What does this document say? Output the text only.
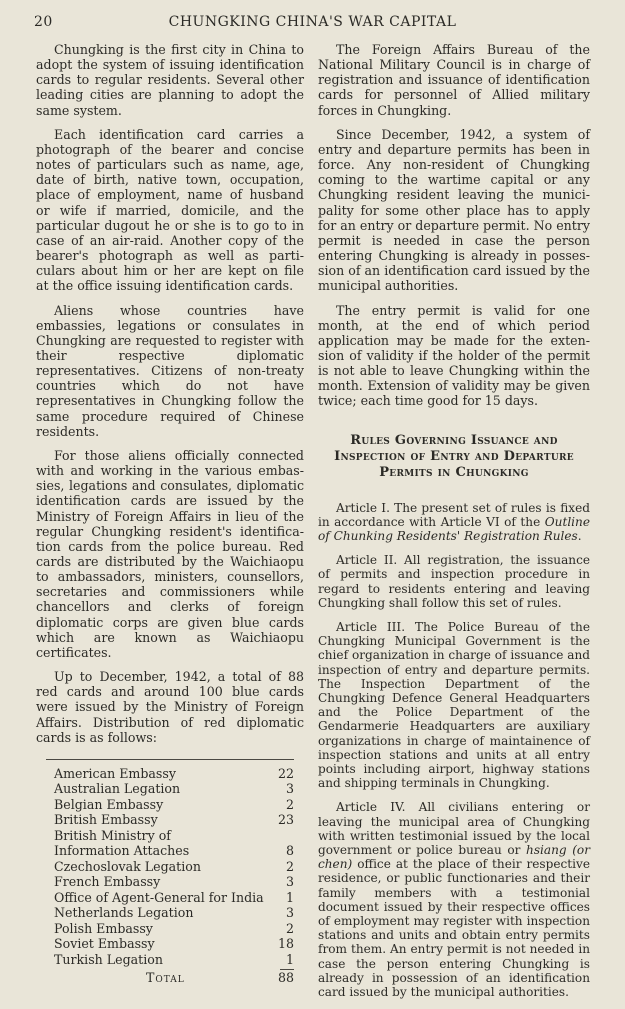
20	CHUNGKING CHINA'S WAR CAPITAL

Chungking is the first city in China to adopt the system of issuing identification cards to regular residents. Several other leading cities are planning to adopt the same system.

Each identification card carries a photograph of the bearer and concise notes of particulars such as name, age, date of birth, native town, occupation, place of employment, name of husband or wife if married, domicile, and the particular dugout he or she is to go to in case of an air-raid. Another copy of the bearer's photograph as well as particulars about him or her are kept on file at the office issuing identification cards.

Aliens whose countries have embassies, legations or consulates in Chungking are requested to register with their respective diplomatic representatives. Citizens of non-treaty countries which do not have representatives in Chungking follow the same procedure required of Chinese residents.

For those aliens officially connected with and working in the various embassies, legations and consulates, diplomatic identification cards are issued by the Ministry of Foreign Affairs in lieu of the regular Chungking resident's identification cards from the police bureau. Red cards are distributed by the Waichiaopu to ambassadors, ministers, counsellors, secretaries and commissioners while chancellors and clerks of foreign diplomatic corps are given blue cards which are known as Waichiaopu certificates.

Up to December, 1942, a total of 88 red cards and around 100 blue cards were issued by the Ministry of Foreign Affairs. Distribution of red diplomatic cards is as follows:

American Embassy	22
Australian Legation	3
Belgian Embassy	2
British Embassy	23
British Ministry of Information Attaches	8
Czechoslovak Legation	2
French Embassy	3
Office of Agent-General for India	1
Netherlands Legation	3
Polish Embassy	2
Soviet Embassy	18
Turkish Legation	1
Total	88

The Foreign Affairs Bureau of the National Military Council is in charge of registration and issuance of identification cards for personnel of Allied military forces in Chungking.

Since December, 1942, a system of entry and departure permits has been in force. Any non-resident of Chungking coming to the wartime capital or any Chungking resident leaving the municipality for some other place has to apply for an entry or departure permit. No entry permit is needed in case the person entering Chungking is already in possession of an identification card issued by the municipal authorities.

The entry permit is valid for one month, at the end of which period application may be made for the extension of validity if the holder of the permit is not able to leave Chungking within the month. Extension of validity may be given twice; each time good for 15 days.

Rules Governing Issuance and Inspection of Entry and Departure Permits in Chungking

Article I. The present set of rules is fixed in accordance with Article VI of the Outline of Chunking Residents' Registration Rules.

Article II. All registration, the issuance of permits and inspection procedure in regard to residents entering and leaving Chungking shall follow this set of rules.

Article III. The Police Bureau of the Chungking Municipal Government is the chief organization in charge of issuance and inspection of entry and departure permits. The Inspection Department of the Chungking Defence General Headquarters and the Police Department of the Gendarmerie Headquarters are auxiliary organizations in charge of maintainence of inspection stations and units at all entry points including airport, highway stations and shipping terminals in Chungking.

Article IV. All civilians entering or leaving the municipal area of Chungking with written testimonial issued by the local government or police bureau or hsiang (or chen) office at the place of their respective residence, or public functionaries and their family members with a testimonial document issued by their respective offices of employment may register with inspection stations and units and obtain entry permits from them. An entry permit is not needed in case the person entering Chungking is already in possession of an identification card issued by the municipal authorities.
